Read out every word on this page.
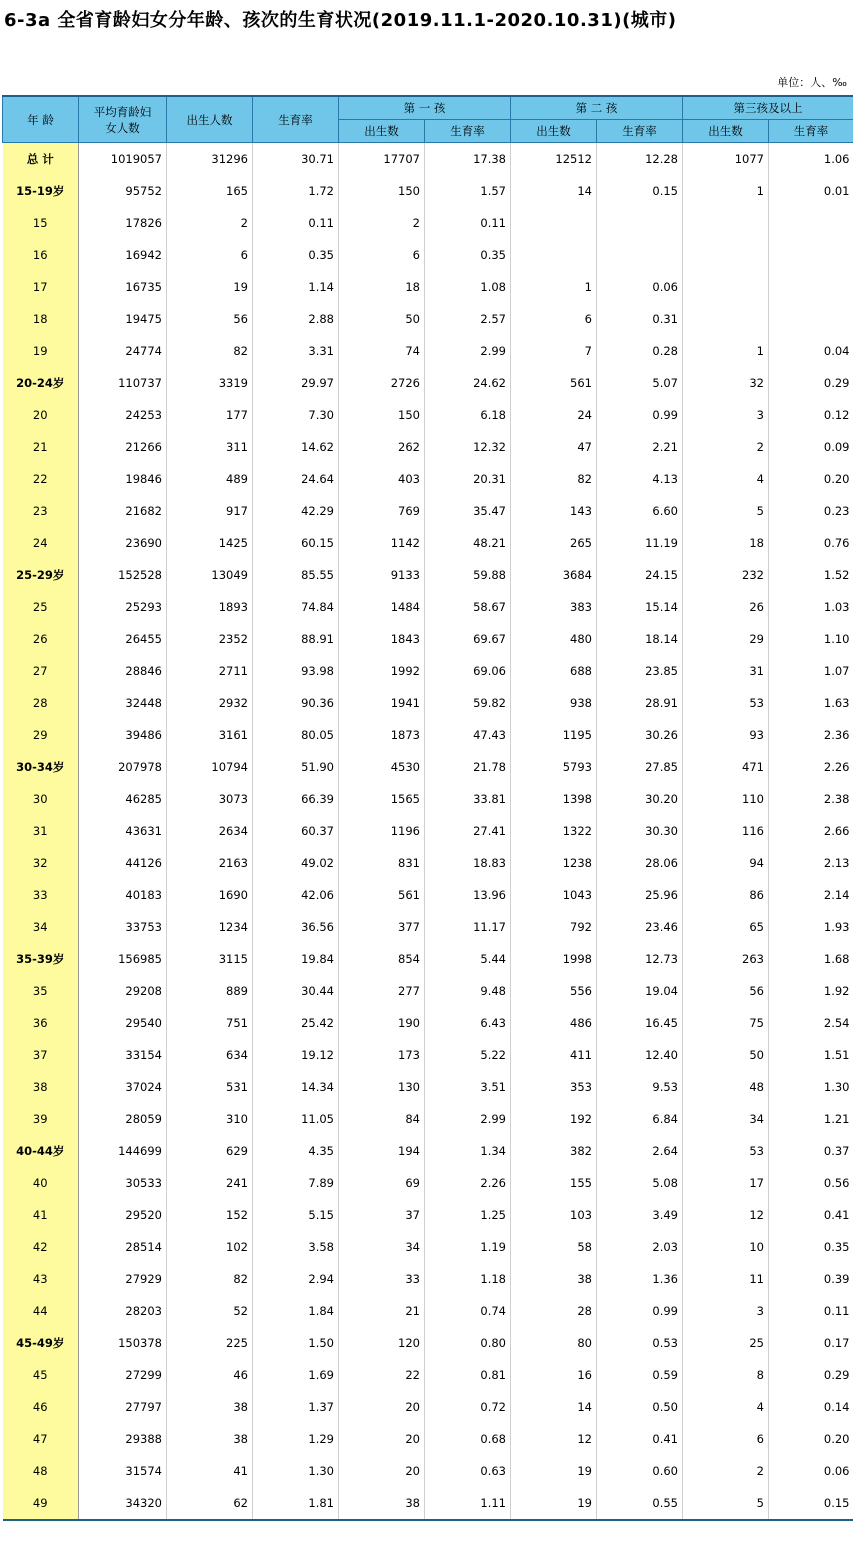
6-3a 全省育龄妇女分年龄、孩次的生育状况(2019.11.1-2020.10.31)(城市)
单位：人、‰
年 龄	平均育龄妇女人数	出生人数	生育率	第 一 孩		第 二 孩		第三孩及以上	
				出生数	生育率	出生数	生育率	出生数	生育率
总 计	1019057	31296	30.71	17707	17.38	12512	12.28	1077	1.06
15-19岁	95752	165	1.72	150	1.57	14	0.15	1	0.01
15	17826	2	0.11	2	0.11				
16	16942	6	0.35	6	0.35				
17	16735	19	1.14	18	1.08	1	0.06		
18	19475	56	2.88	50	2.57	6	0.31		
19	24774	82	3.31	74	2.99	7	0.28	1	0.04
20-24岁	110737	3319	29.97	2726	24.62	561	5.07	32	0.29
20	24253	177	7.30	150	6.18	24	0.99	3	0.12
21	21266	311	14.62	262	12.32	47	2.21	2	0.09
22	19846	489	24.64	403	20.31	82	4.13	4	0.20
23	21682	917	42.29	769	35.47	143	6.60	5	0.23
24	23690	1425	60.15	1142	48.21	265	11.19	18	0.76
25-29岁	152528	13049	85.55	9133	59.88	3684	24.15	232	1.52
25	25293	1893	74.84	1484	58.67	383	15.14	26	1.03
26	26455	2352	88.91	1843	69.67	480	18.14	29	1.10
27	28846	2711	93.98	1992	69.06	688	23.85	31	1.07
28	32448	2932	90.36	1941	59.82	938	28.91	53	1.63
29	39486	3161	80.05	1873	47.43	1195	30.26	93	2.36
30-34岁	207978	10794	51.90	4530	21.78	5793	27.85	471	2.26
30	46285	3073	66.39	1565	33.81	1398	30.20	110	2.38
31	43631	2634	60.37	1196	27.41	1322	30.30	116	2.66
32	44126	2163	49.02	831	18.83	1238	28.06	94	2.13
33	40183	1690	42.06	561	13.96	1043	25.96	86	2.14
34	33753	1234	36.56	377	11.17	792	23.46	65	1.93
35-39岁	156985	3115	19.84	854	5.44	1998	12.73	263	1.68
35	29208	889	30.44	277	9.48	556	19.04	56	1.92
36	29540	751	25.42	190	6.43	486	16.45	75	2.54
37	33154	634	19.12	173	5.22	411	12.40	50	1.51
38	37024	531	14.34	130	3.51	353	9.53	48	1.30
39	28059	310	11.05	84	2.99	192	6.84	34	1.21
40-44岁	144699	629	4.35	194	1.34	382	2.64	53	0.37
40	30533	241	7.89	69	2.26	155	5.08	17	0.56
41	29520	152	5.15	37	1.25	103	3.49	12	0.41
42	28514	102	3.58	34	1.19	58	2.03	10	0.35
43	27929	82	2.94	33	1.18	38	1.36	11	0.39
44	28203	52	1.84	21	0.74	28	0.99	3	0.11
45-49岁	150378	225	1.50	120	0.80	80	0.53	25	0.17
45	27299	46	1.69	22	0.81	16	0.59	8	0.29
46	27797	38	1.37	20	0.72	14	0.50	4	0.14
47	29388	38	1.29	20	0.68	12	0.41	6	0.20
48	31574	41	1.30	20	0.63	19	0.60	2	0.06
49	34320	62	1.81	38	1.11	19	0.55	5	0.15
